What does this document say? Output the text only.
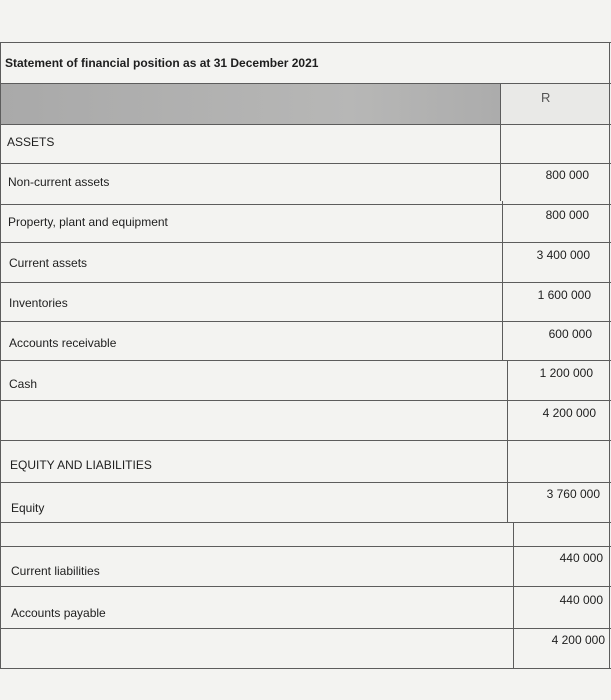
Statement of financial position as at 31 December 2021
R
ASSETS
Non-current assets
Property, plant and equipment
Current assets
Inventories
Accounts receivable
Cash
EQUITY AND LIABILITIES
Equity
Current liabilities
Accounts payable
800 000
800 000
3 400 000
1 600 000
600 000
1 200 000
4 200 000
3 760 000
440 000
440 000
4 200 000
